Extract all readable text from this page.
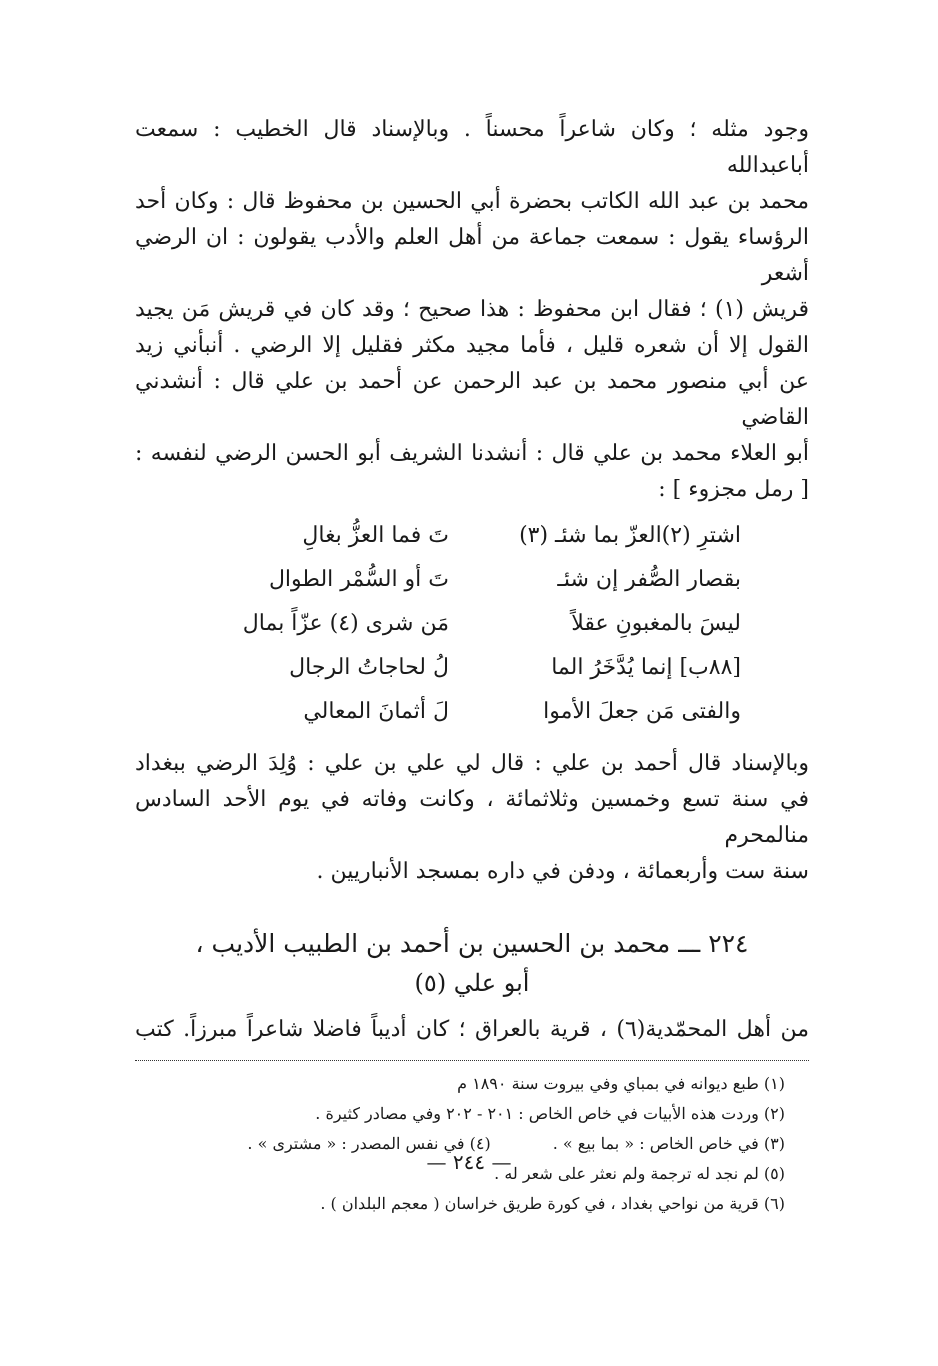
وجود مثله ؛ وكان شاعراً محسناً . وبالإسناد قال الخطيب : سمعت أباعبدالله
محمد بن عبد الله الكاتب بحضرة أبي الحسين بن محفوظ قال : وكان أحد
الرؤساء يقول : سمعت جماعة من أهل العلم والأدب يقولون : ان الرضي أشعر
قريش (١) ؛ فقال ابن محفوظ : هذا صحيح ؛ وقد كان في قريش مَن يجيد
القول إلا أن شعره قليل ، فأما مجيد مكثر فقليل إلا الرضي . أنبأني زيد
عن أبي منصور محمد بن عبد الرحمن عن أحمد بن علي قال : أنشدني القاضي
أبو العلاء محمد بن علي قال : أنشدنا الشريف أبو الحسن الرضي لنفسه :

[ رمل مجزوء ] :

اشترِ (٢)العزّ بما شئـ (٣)
تَ فما العزُّ بغالِ
بقصار الصُّفر إن شئـ
تَ أو السُّمْر الطوال
ليسَ بالمغبونِ عقلاً
مَن شرى (٤) عزّاً بمال
[٨٨ب] إنما يُدَّخَرُ الما
لُ لحاجاتُ الرجال
والفتى مَن جعلَ الأموا
لَ أثمانَ المعالي

وبالإسناد قال أحمد بن علي : قال لي علي بن علي : وُلِدَ الرضي ببغداد
في سنة تسع وخمسين وثلاثمائة ، وكانت وفاته في يوم الأحد السادس منالمحرم
سنة ست وأربعمائة ، ودفن في داره بمسجد الأنباريين .

٢٢٤ ـــ محمد بن الحسين بن أحمد بن الطبيب الأديب ،
أبو علي (٥)

من أهل المحمّدية(٦) ، قرية بالعراق ؛ كان أديباً فاضلا شاعراً مبرزاً. كتب

(١) طبع ديوانه في بمباي وفي بيروت سنة ١٨٩٠ م
(٢) وردت هذه الأبيات في خاص الخاص : ٢٠١ - ٢٠٢ وفي مصادر كثيرة .
(٣) في خاص الخاص : « بما بيع » .
(٤) في نفس المصدر : « مشترى » .
(٥) لم نجد له ترجمة ولم نعثر على شعر له .
(٦) قرية من نواحي بغداد ، في كورة طريق خراسان ( معجم البلدان ) .
— ٢٤٤ —
